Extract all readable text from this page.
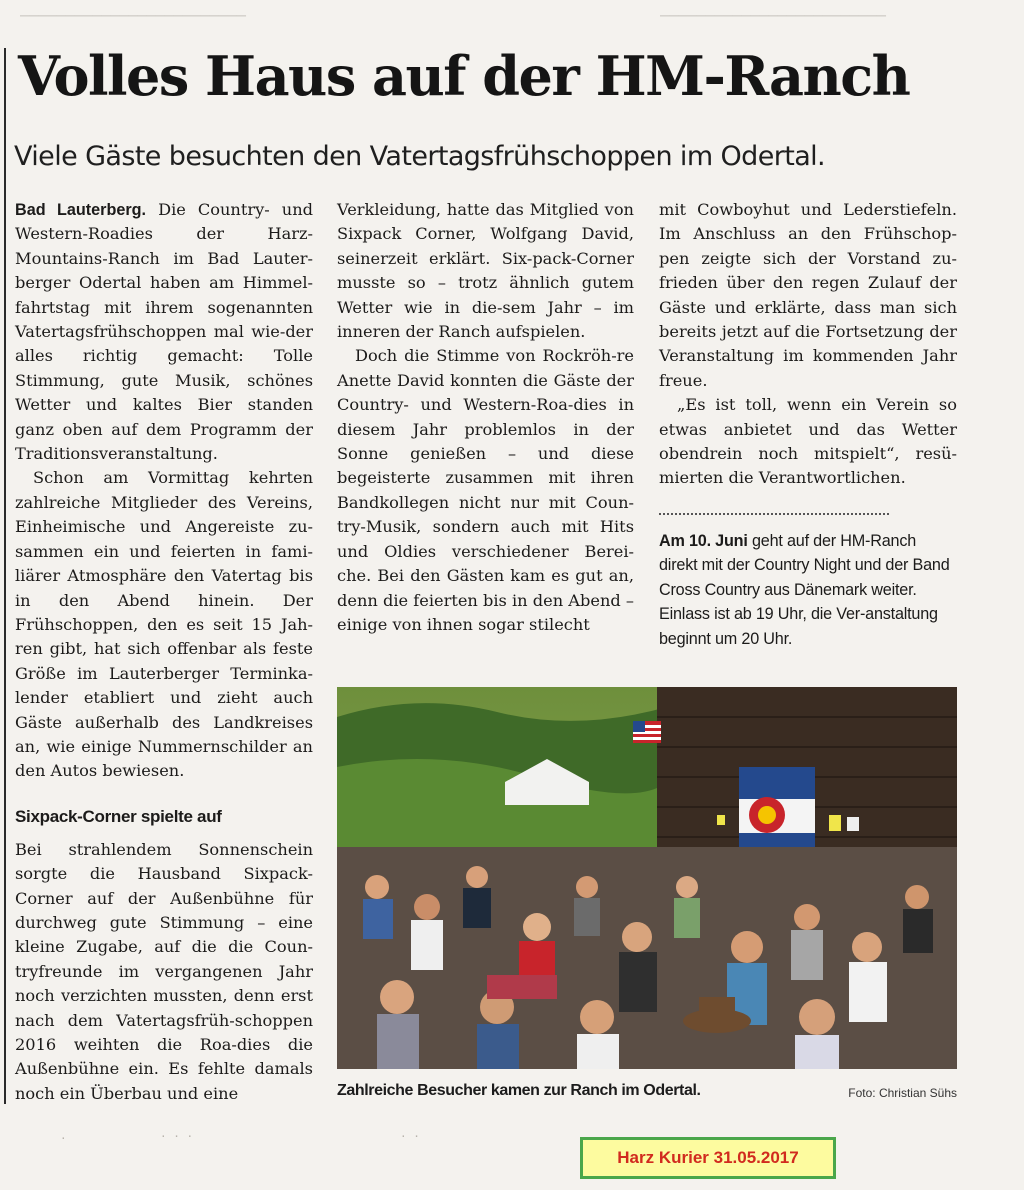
─────────────────────────	─────────────────────────
Volles Haus auf der HM-Ranch
Viele Gäste besuchten den Vatertagsfrühschoppen im Odertal.

Bad Lauterberg. Die Country- und Western-Roadies der Harz-Mountains-Ranch im Bad Lauter-berger Odertal haben am Himmel-fahrtstag mit ihrem sogenannten Vatertagsfrühschoppen mal wie-der alles richtig gemacht: Tolle Stimmung, gute Musik, schönes Wetter und kaltes Bier standen ganz oben auf dem Programm der Traditionsveranstaltung.

Schon am Vormittag kehrten zahlreiche Mitglieder des Vereins, Einheimische und Angereiste zu-sammen ein und feierten in fami-liärer Atmosphäre den Vatertag bis in den Abend hinein. Der Frühschoppen, den es seit 15 Jah-ren gibt, hat sich offenbar als feste Größe im Lauterberger Terminka-lender etabliert und zieht auch Gäste außerhalb des Landkreises an, wie einige Nummernschilder an den Autos bewiesen.

Sixpack-Corner spielte auf

Bei strahlendem Sonnenschein sorgte die Hausband Sixpack-Corner auf der Außenbühne für durchweg gute Stimmung – eine kleine Zugabe, auf die die Coun-tryfreunde im vergangenen Jahr noch verzichten mussten, denn erst nach dem Vatertagsfrüh-schoppen 2016 weihten die Roa-dies die Außenbühne ein. Es fehlte damals noch ein Überbau und eine

Verkleidung, hatte das Mitglied von Sixpack Corner, Wolfgang David, seinerzeit erklärt. Six-pack-Corner musste so – trotz ähnlich gutem Wetter wie in die-sem Jahr – im inneren der Ranch aufspielen.

Doch die Stimme von Rockröh-re Anette David konnten die Gäste der Country- und Western-Roa-dies in diesem Jahr problemlos in der Sonne genießen – und diese begeisterte zusammen mit ihren Bandkollegen nicht nur mit Coun-try-Musik, sondern auch mit Hits und Oldies verschiedener Berei-che. Bei den Gästen kam es gut an, denn die feierten bis in den Abend – einige von ihnen sogar stilecht

mit Cowboyhut und Lederstiefeln. Im Anschluss an den Frühschop-pen zeigte sich der Vorstand zu-frieden über den regen Zulauf der Gäste und erklärte, dass man sich bereits jetzt auf die Fortsetzung der Veranstaltung im kommenden Jahr freue.

„Es ist toll, wenn ein Verein so etwas anbietet und das Wetter obendrein noch mitspielt“, resü-mierten die Verantwortlichen.

Am 10. Juni geht auf der HM-Ranch direkt mit der Country Night und der Band Cross Country aus Dänemark weiter. Einlass ist ab 19 Uhr, die Ver-anstaltung beginnt um 20 Uhr.

Zahlreiche Besucher kamen zur Ranch im Odertal.	Foto: Christian Sühs
·	· · ·	· ·
Harz Kurier 31.05.2017
